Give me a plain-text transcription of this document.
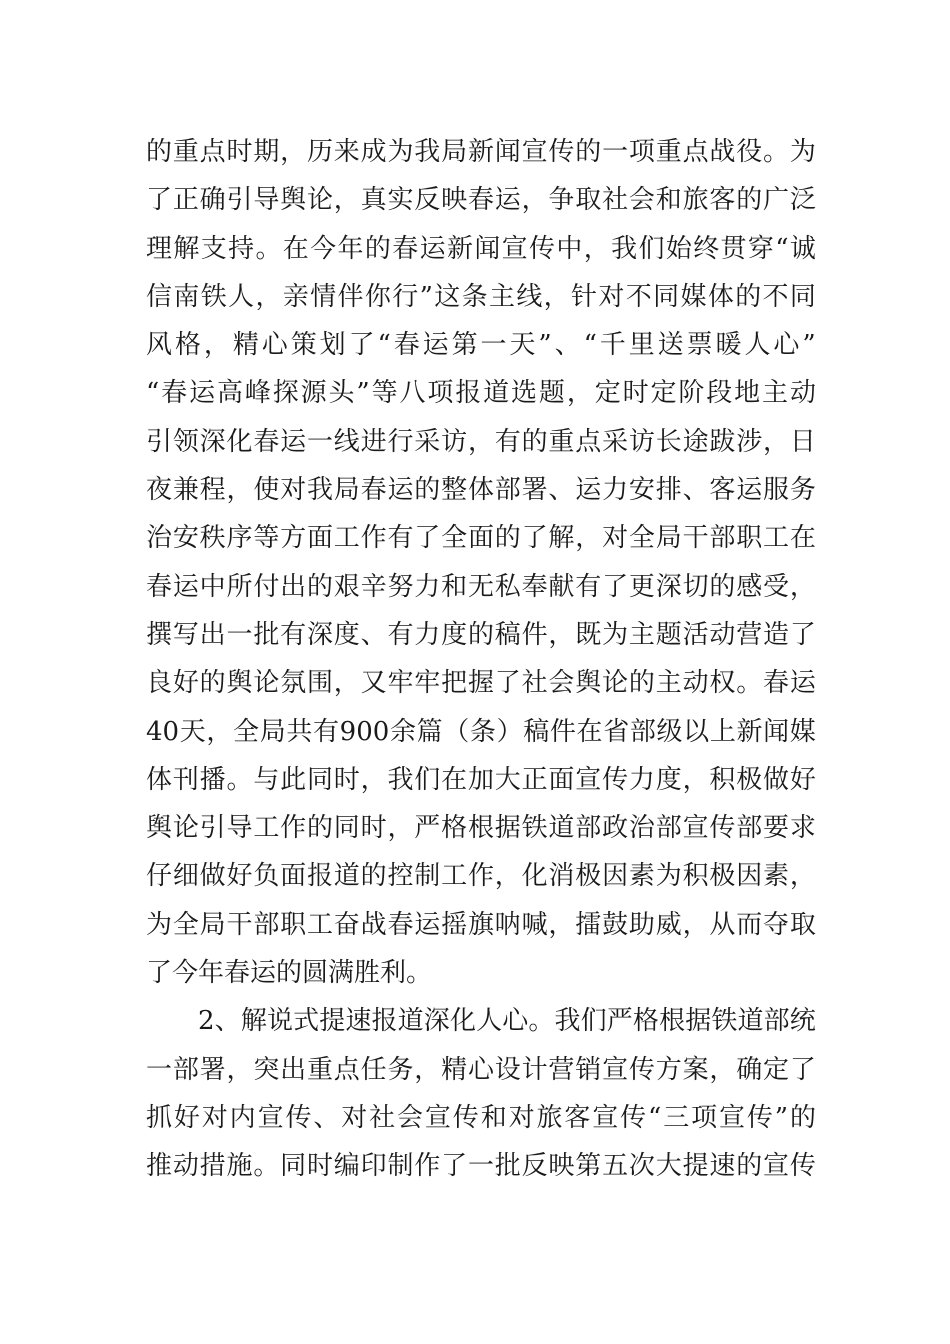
的 重 点 时 期 ， 历 来 成 为 我 局 新 闻 宣 传 的 一 项 重 点 战 役 。 为
了 正 确 引 导 舆 论 ， 真 实 反 映 春 运 ， 争 取 社 会 和 旅 客 的 广 泛
理 解 支 持 。 在 今 年 的 春 运 新 闻 宣 传 中 ， 我 们 始 终 贯 穿 “ 诚
信 南 铁 人 ， 亲 情 伴 你 行 ” 这 条 主 线 ， 针 对 不 同 媒 体 的 不 同
风 格 ， 精 心 策 划 了 “ 春 运 第 一 天 ” 、 “ 千 里 送 票 暖 人 心 ”
“ 春 运 高 峰 探 源 头 ” 等 八 项 报 道 选 题 ， 定 时 定 阶 段 地 主 动
引 领 深 化 春 运 一 线 进 行 采 访 ， 有 的 重 点 采 访 长 途 跋 涉 ， 日
夜 兼 程 ， 使 对 我 局 春 运 的 整 体 部 署 、 运 力 安 排 、 客 运 服 务
治 安 秩 序 等 方 面 工 作 有 了 全 面 的 了 解 ， 对 全 局 干 部 职 工 在
春 运 中 所 付 出 的 艰 辛 努 力 和 无 私 奉 献 有 了 更 深 切 的 感 受 ，
撰 写 出 一 批 有 深 度 、 有 力 度 的 稿 件 ， 既 为 主 题 活 动 营 造 了
良 好 的 舆 论 氛 围 ， 又 牢 牢 把 握 了 社 会 舆 论 的 主 动 权 。 春 运
40 天 ， 全 局 共 有 900 余 篇 （ 条 ） 稿 件 在 省 部 级 以 上 新 闻 媒
体 刊 播 。 与 此 同 时 ， 我 们 在 加 大 正 面 宣 传 力 度 ， 积 极 做 好
舆 论 引 导 工 作 的 同 时 ， 严 格 根 据 铁 道 部 政 治 部 宣 传 部 要 求
仔 细 做 好 负 面 报 道 的 控 制 工 作 ， 化 消 极 因 素 为 积 极 因 素 ，
为 全 局 干 部 职 工 奋 战 春 运 摇 旗 呐 喊 ， 擂 鼓 助 威 ， 从 而 夺 取
了今年春运的圆满胜利。
2 、 解 说 式 提 速 报 道 深 化 人 心 。 我 们 严 格 根 据 铁 道 部 统
一 部 署 ， 突 出 重 点 任 务 ， 精 心 设 计 营 销 宣 传 方 案 ， 确 定 了
抓 好 对 内 宣 传 、 对 社 会 宣 传 和 对 旅 客 宣 传 “ 三 项 宣 传 ” 的
推 动 措 施 。 同 时 编 印 制 作 了 一 批 反 映 第 五 次 大 提 速 的 宣 传
